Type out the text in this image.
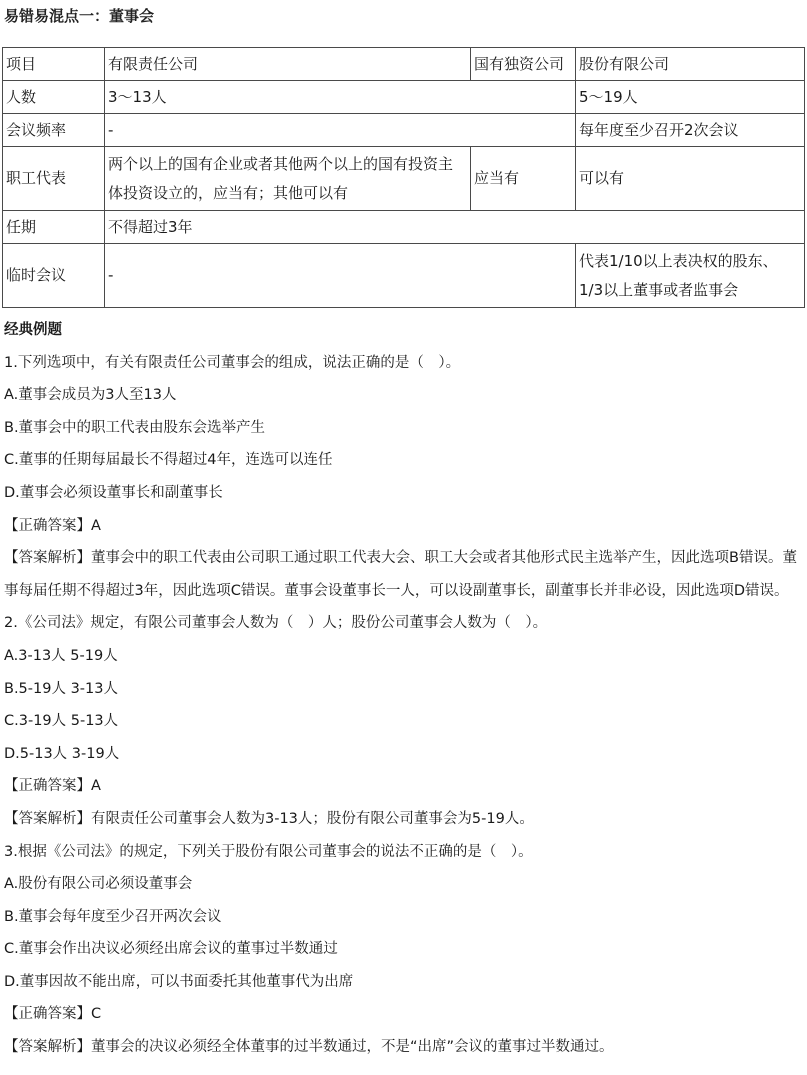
易错易混点一：董事会
项目	有限责任公司	国有独资公司	股份有限公司
人数	3～13人		5～19人
会议频率	-		每年度至少召开2次会议
职工代表	两个以上的国有企业或者其他两个以上的国有投资主体投资设立的，应当有；其他可以有	应当有	可以有
任期	不得超过3年		
临时会议	-		代表1/10以上表决权的股东、1/3以上董事或者监事会
经典例题
1.下列选项中，有关有限责任公司董事会的组成，说法正确的是（　）。
A.董事会成员为3人至13人
B.董事会中的职工代表由股东会选举产生
C.董事的任期每届最长不得超过4年，连选可以连任
D.董事会必须设董事长和副董事长
【正确答案】A
【答案解析】董事会中的职工代表由公司职工通过职工代表大会、职工大会或者其他形式民主选举产生，因此选项B错误。董事每届任期不得超过3年，因此选项C错误。董事会设董事长一人，可以设副董事长，副董事长并非必设，因此选项D错误。
2.《公司法》规定，有限公司董事会人数为（　）人；股份公司董事会人数为（　）。
A.3-13人 5-19人
B.5-19人 3-13人
C.3-19人 5-13人
D.5-13人 3-19人
【正确答案】A
【答案解析】有限责任公司董事会人数为3-13人；股份有限公司董事会为5-19人。
3.根据《公司法》的规定，下列关于股份有限公司董事会的说法不正确的是（　）。
A.股份有限公司必须设董事会
B.董事会每年度至少召开两次会议
C.董事会作出决议必须经出席会议的董事过半数通过
D.董事因故不能出席，可以书面委托其他董事代为出席
【正确答案】C
【答案解析】董事会的决议必须经全体董事的过半数通过，不是“出席”会议的董事过半数通过。
